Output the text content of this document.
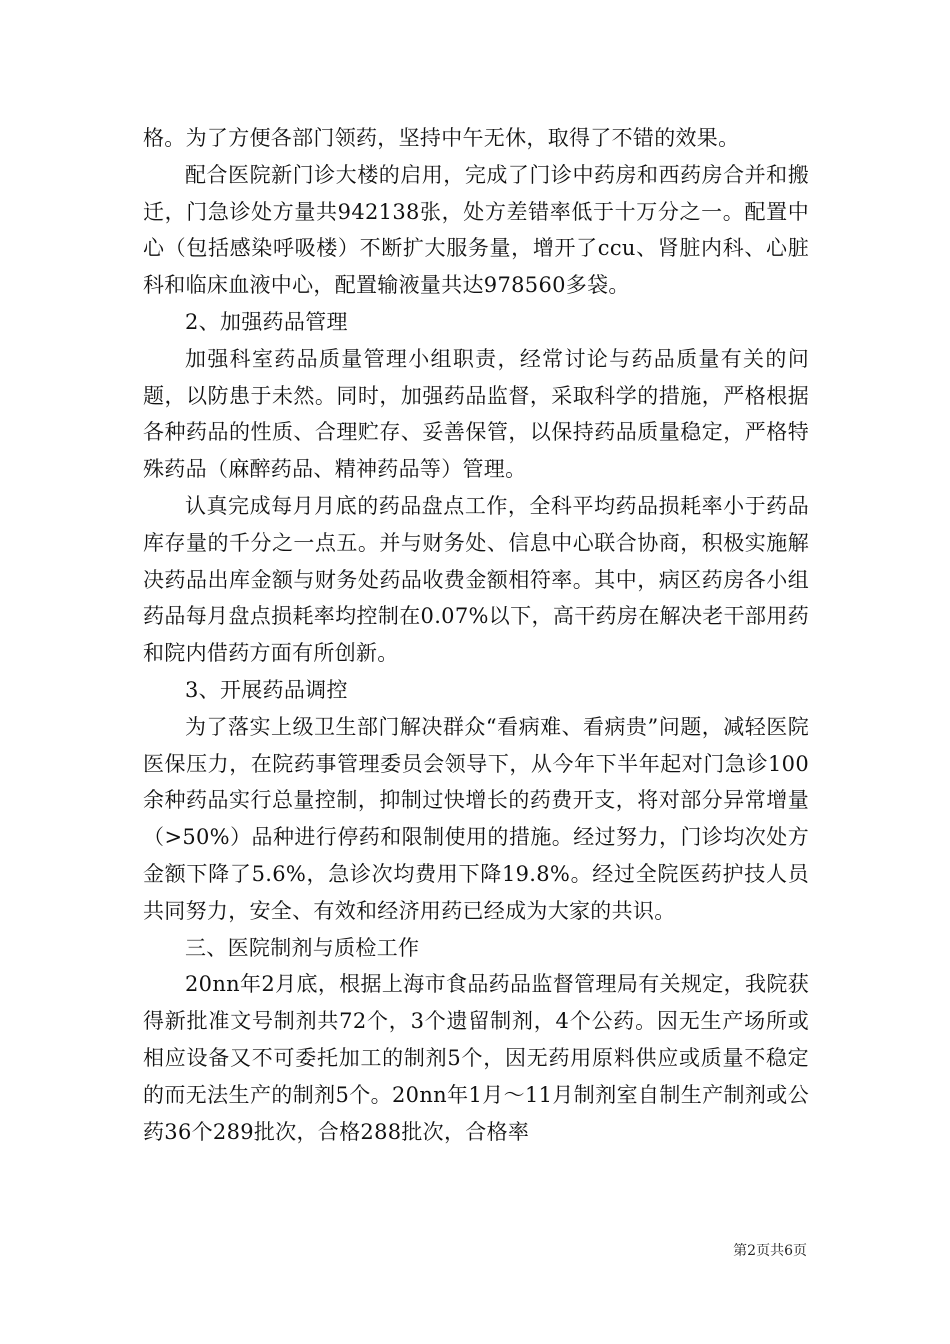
格。为了方便各部门领药，坚持中午无休，取得了不错的效果。

配合医院新门诊大楼的启用，完成了门诊中药房和西药房合并和搬迁，门急诊处方量共942138张，处方差错率低于十万分之一。配置中心（包括感染呼吸楼）不断扩大服务量，增开了ccu、肾脏内科、心脏科和临床血液中心，配置输液量共达978560多袋。

2、加强药品管理

加强科室药品质量管理小组职责，经常讨论与药品质量有关的问题，以防患于未然。同时，加强药品监督，采取科学的措施，严格根据各种药品的性质、合理贮存、妥善保管，以保持药品质量稳定，严格特殊药品（麻醉药品、精神药品等）管理。

认真完成每月月底的药品盘点工作，全科平均药品损耗率小于药品库存量的千分之一点五。并与财务处、信息中心联合协商，积极实施解决药品出库金额与财务处药品收费金额相符率。其中，病区药房各小组药品每月盘点损耗率均控制在0.07%以下，高干药房在解决老干部用药和院内借药方面有所创新。

3、开展药品调控

为了落实上级卫生部门解决群众“看病难、看病贵”问题，减轻医院医保压力，在院药事管理委员会领导下，从今年下半年起对门急诊100余种药品实行总量控制，抑制过快增长的药费开支，将对部分异常增量（>50%）品种进行停药和限制使用的措施。经过努力，门诊均次处方金额下降了5.6%，急诊次均费用下降19.8%。经过全院医药护技人员共同努力，安全、有效和经济用药已经成为大家的共识。

三、医院制剂与质检工作

20nn年2月底，根据上海市食品药品监督管理局有关规定，我院获得新批准文号制剂共72个，3个遗留制剂，4个公药。因无生产场所或相应设备又不可委托加工的制剂5个，因无药用原料供应或质量不稳定的而无法生产的制剂5个。20nn年1月～11月制剂室自制生产制剂或公药36个289批次，合格288批次，合格率

第2页共6页
